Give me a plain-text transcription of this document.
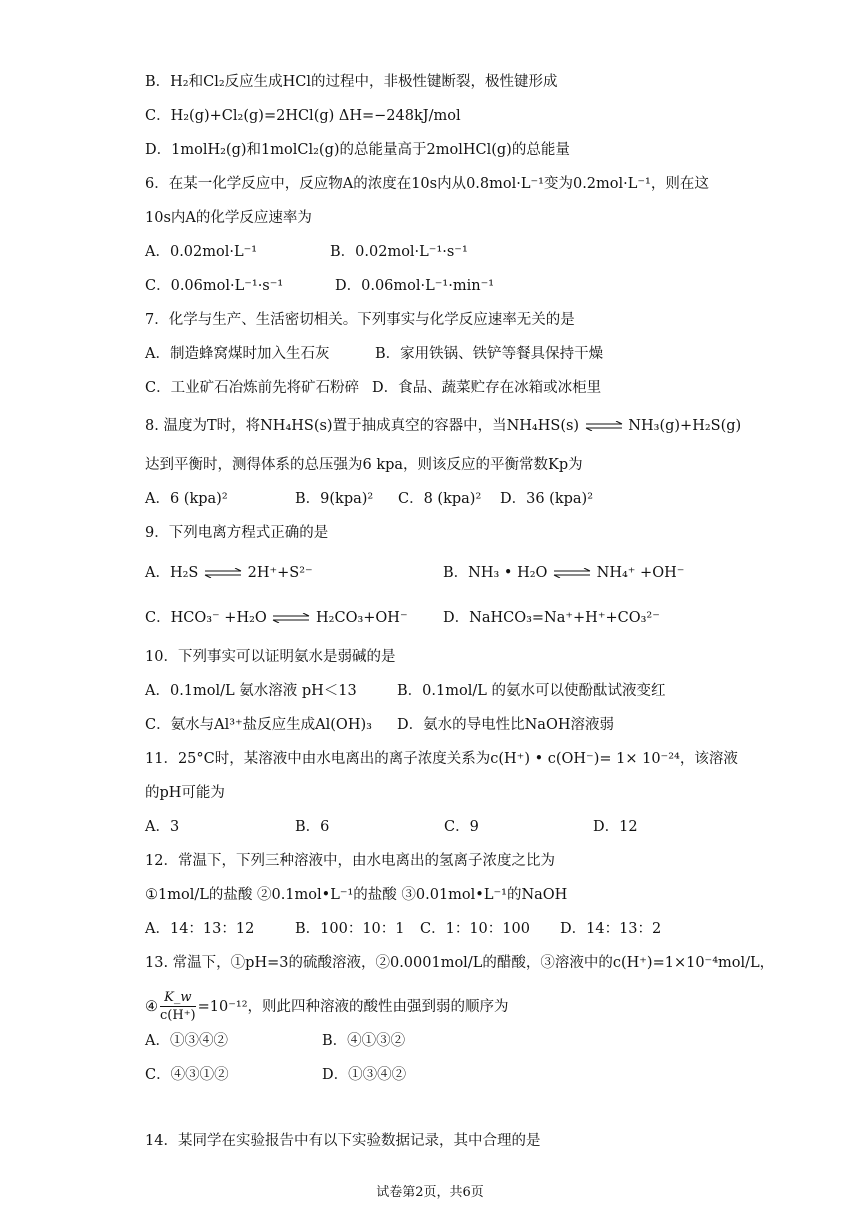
B．H₂和Cl₂反应生成HCl的过程中，非极性键断裂，极性键形成
C．H₂(g)+Cl₂(g)=2HCl(g) ΔH=−248kJ/mol
D．1molH₂(g)和1molCl₂(g)的总能量高于2molHCl(g)的总能量
6．在某一化学反应中，反应物A的浓度在10s内从0.8mol·L⁻¹变为0.2mol·L⁻¹，则在这
10s内A的化学反应速率为
A．0.02mol·L⁻¹	B．0.02mol·L⁻¹·s⁻¹
C．0.06mol·L⁻¹·s⁻¹	D．0.06mol·L⁻¹·min⁻¹
7．化学与生产、生活密切相关。下列事实与化学反应速率无关的是
A．制造蜂窝煤时加入生石灰	B．家用铁锅、铁铲等餐具保持干燥
C．工业矿石冶炼前先将矿石粉碎 D．食品、蔬菜贮存在冰箱或冰柜里
8. 温度为T时，将NH₄HS(s)置于抽成真空的容器中，当NH₄HS(s) ⇌ NH₃(g)+H₂S(g)
达到平衡时，测得体系的总压强为6 kpa，则该反应的平衡常数Kp为
A．6 (kpa)²	B．9(kpa)² C．8 (kpa)² D．36 (kpa)²
9．下列电离方程式正确的是
A．H₂S ⇌ 2H⁺+S²⁻	B．NH₃ • H₂O ⇌ NH₄⁺ +OH⁻
C．HCO₃⁻ +H₂O ⇌ H₂CO₃+OH⁻ D．NaHCO₃=Na⁺+H⁺+CO₃²⁻
10．下列事实可以证明氨水是弱碱的是
A．0.1mol/L 氨水溶液 pH＜13	B．0.1mol/L 的氨水可以使酚酞试液变红
C．氨水与Al³⁺盐反应生成Al(OH)₃ D．氨水的导电性比NaOH溶液弱
11．25°C时，某溶液中由水电离出的离子浓度关系为c(H⁺) • c(OH⁻)= 1× 10⁻²⁴，该溶液
的pH可能为
A．3	B．6	C．9	D．12
12．常温下，下列三种溶液中，由水电离出的氢离子浓度之比为
①1mol/L的盐酸 ②0.1mol•L⁻¹的盐酸 ③0.01mol•L⁻¹的NaOH
A．14：13：12	B．100：10：1 C．1：10：100 D．14：13：2
13. 常温下，①pH=3的硫酸溶液，②0.0001mol/L的醋酸，③溶液中的c(H⁺)=1×10⁻⁴mol/L，
④ $\frac{K\_w}{c(H^+)} =10^{-12}$，则此四种溶液的酸性由强到弱的顺序为
A．①③④②	B．④①③②
C．④③①②	D．①③④②
14．某同学在实验报告中有以下实验数据记录，其中合理的是
试卷第2页，共6页
